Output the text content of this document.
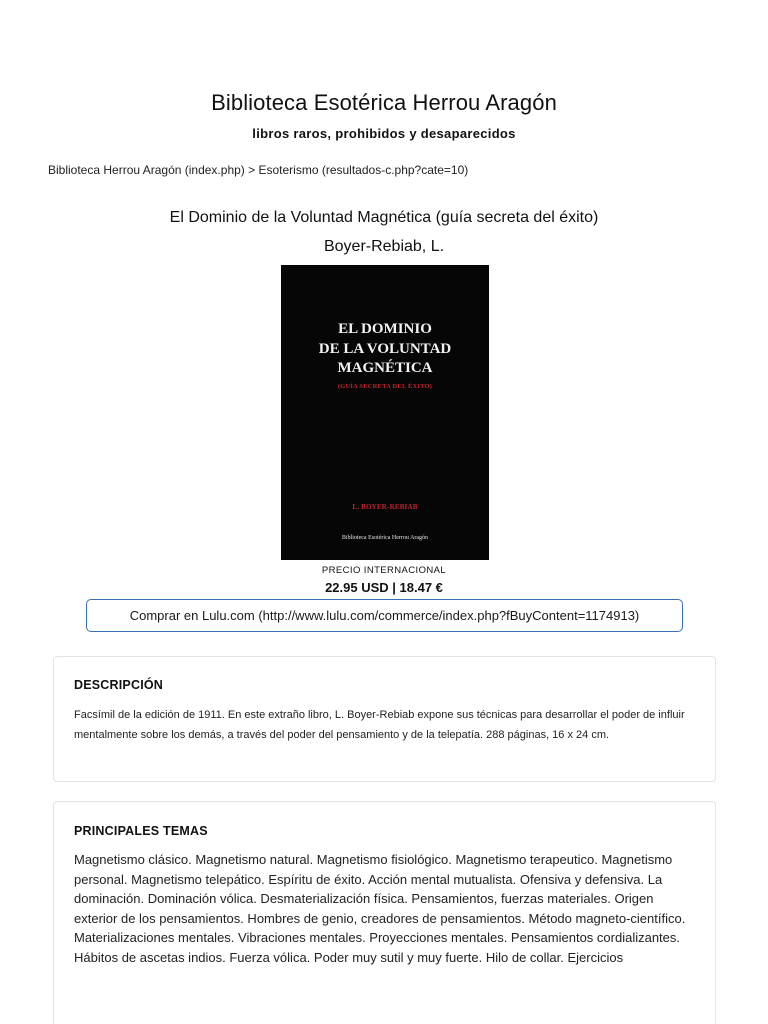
Biblioteca Esotérica Herrou Aragón
libros raros, prohibidos y desaparecidos
Biblioteca Herrou Aragón (index.php) > Esoterismo (resultados-c.php?cate=10)
El Dominio de la Voluntad Magnética (guía secreta del éxito)
Boyer-Rebiab, L.
EL DOMINIO
DE LA VOLUNTAD
MAGNÉTICA
(GUÍA SECRETA DEL ÉXITO)
L. BOYER-REBIAB
Biblioteca Esotérica Herrou Aragón
PRECIO INTERNACIONAL
22.95 USD | 18.47 €
Comprar en Lulu.com (http://www.lulu.com/commerce/index.php?fBuyContent=1174913)
DESCRIPCIÓN

Facsímil de la edición de 1911. En este extraño libro, L. Boyer-Rebiab expone sus técnicas para desarrollar el poder de influir mentalmente sobre los demás, a través del poder del pensamiento y de la telepatía. 288 páginas, 16 x 24 cm.

PRINCIPALES TEMAS

Magnetismo clásico. Magnetismo natural. Magnetismo fisiológico. Magnetismo terapeutico. Magnetismo personal. Magnetismo telepático. Espíritu de éxito. Acción mental mutualista. Ofensiva y defensiva. La dominación. Dominación vólica. Desmaterialización física. Pensamientos, fuerzas materiales. Origen exterior de los pensamientos. Hombres de genio, creadores de pensamientos. Método magneto-científico. Materializaciones mentales. Vibraciones mentales. Proyecciones mentales. Pensamientos cordializantes. Hábitos de ascetas indios. Fuerza vólica. Poder muy sutil y muy fuerte. Hilo de collar. Ejercicios
